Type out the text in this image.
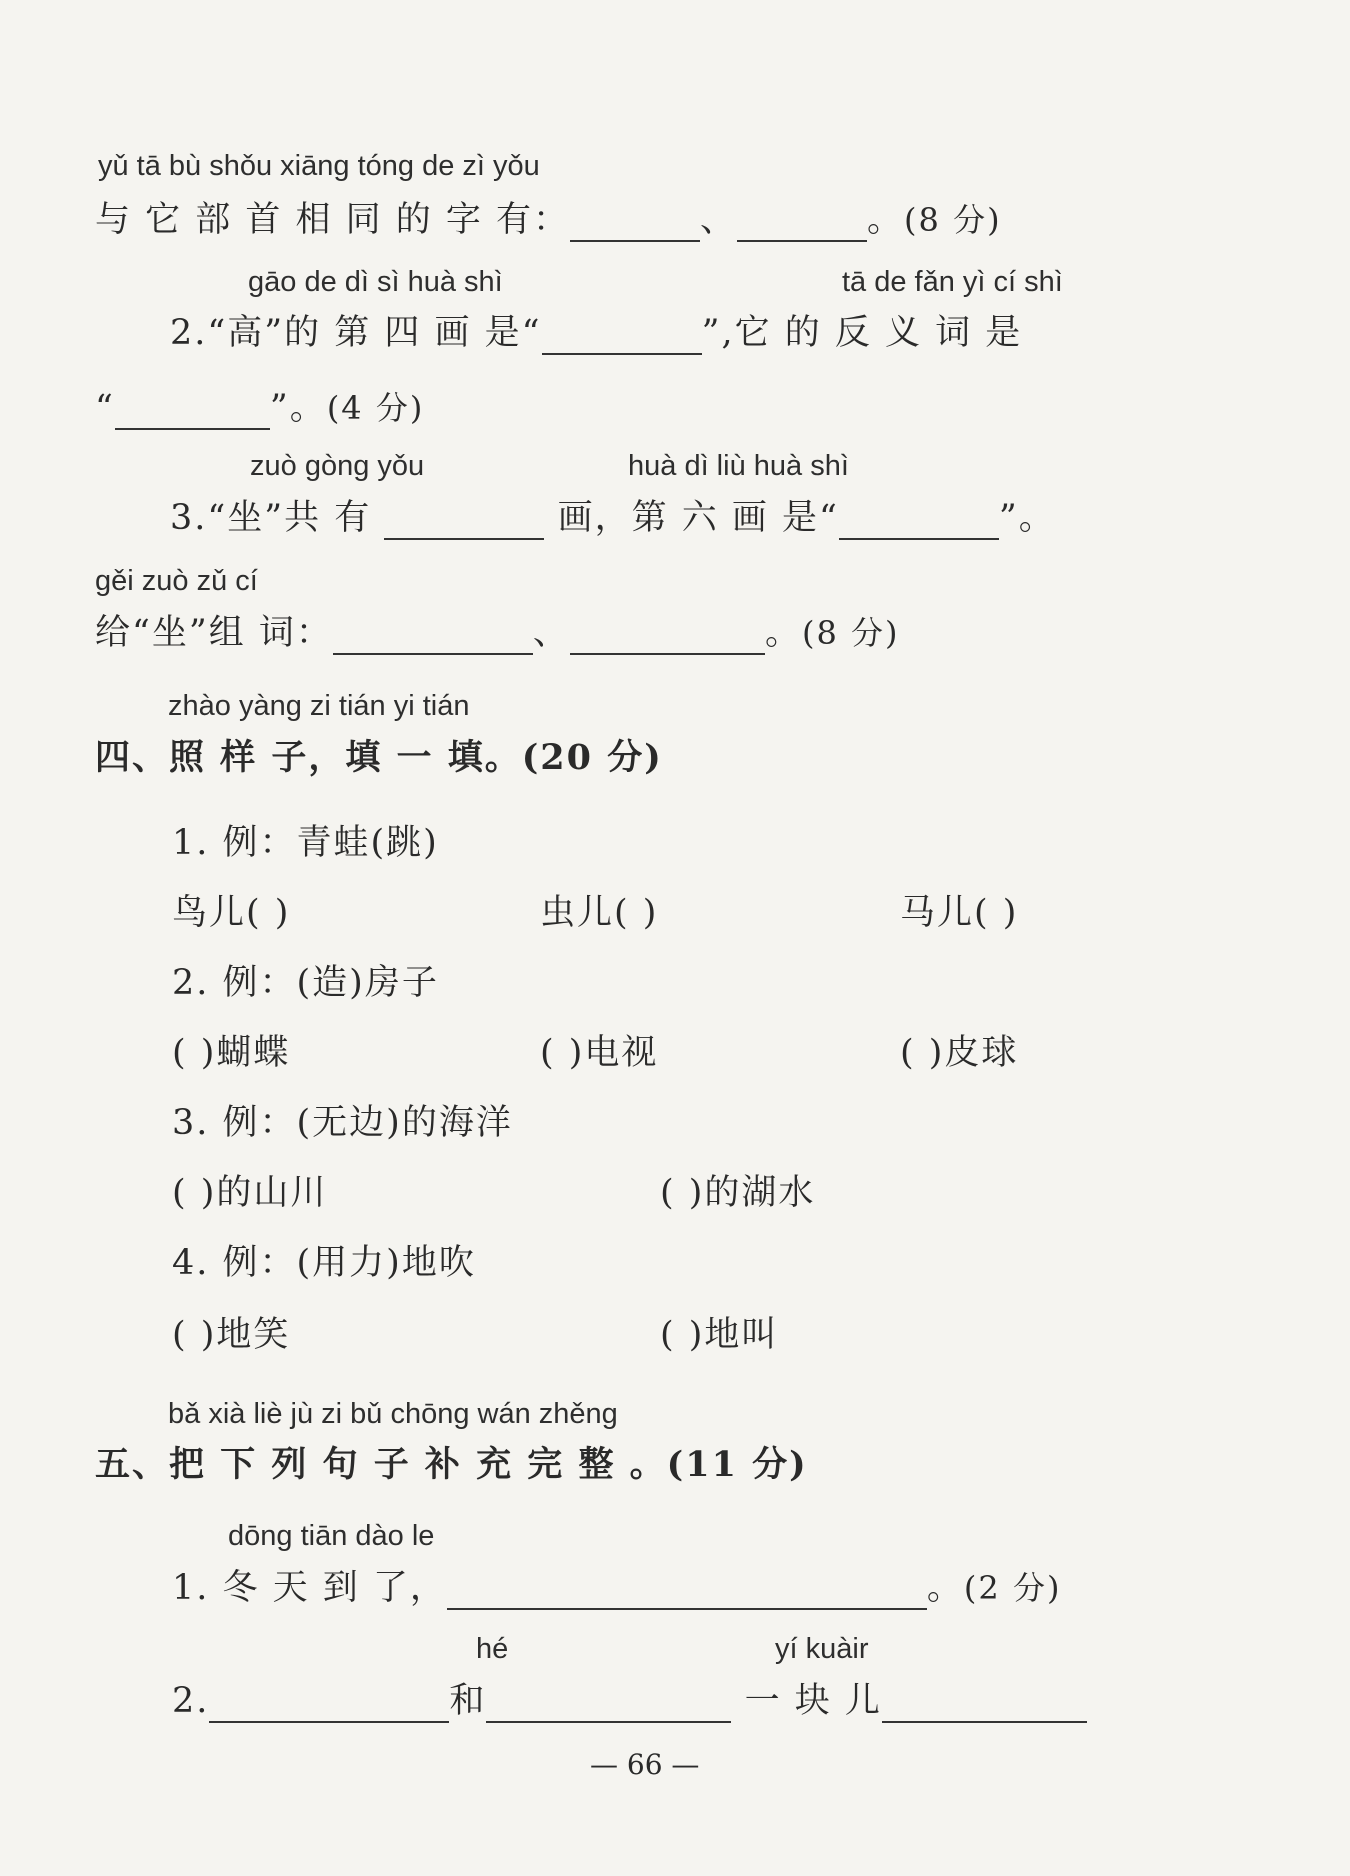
yǔ tā bù shǒu xiāng tóng de zì yǒu
与 它 部 首 相 同 的 字 有：	、	。(8 分)
gāo de dì sì huà shì	tā de fǎn yì cí shì
2.“高”的 第 四 画 是“	”,它 的 反 义 词 是
“	”。(4 分)
zuò gòng yǒu	huà dì liù huà shì
3.“坐”共 有	画，第 六 画 是“	”。
gěi zuò zǔ cí
给“坐”组 词：	、	。(8 分)
zhào yàng zi tián yi tián
四、照 样 子，填 一 填。(20 分)
1. 例：青蛙(跳)
鸟儿( )	虫儿( )	马儿( )
2. 例：(造)房子
( )蝴蝶	( )电视	( )皮球
3. 例：(无边)的海洋
( )的山川	( )的湖水
4. 例：(用力)地吹
( )地笑	( )地叫
bǎ xià liè jù zi bǔ chōng wán zhěng
五、把 下 列 句 子 补 充 完 整 。(11 分)
dōng tiān dào le
1. 冬 天 到 了，	。(2 分)
hé	yí kuàir
2.	和	一 块 儿
— 66 —
